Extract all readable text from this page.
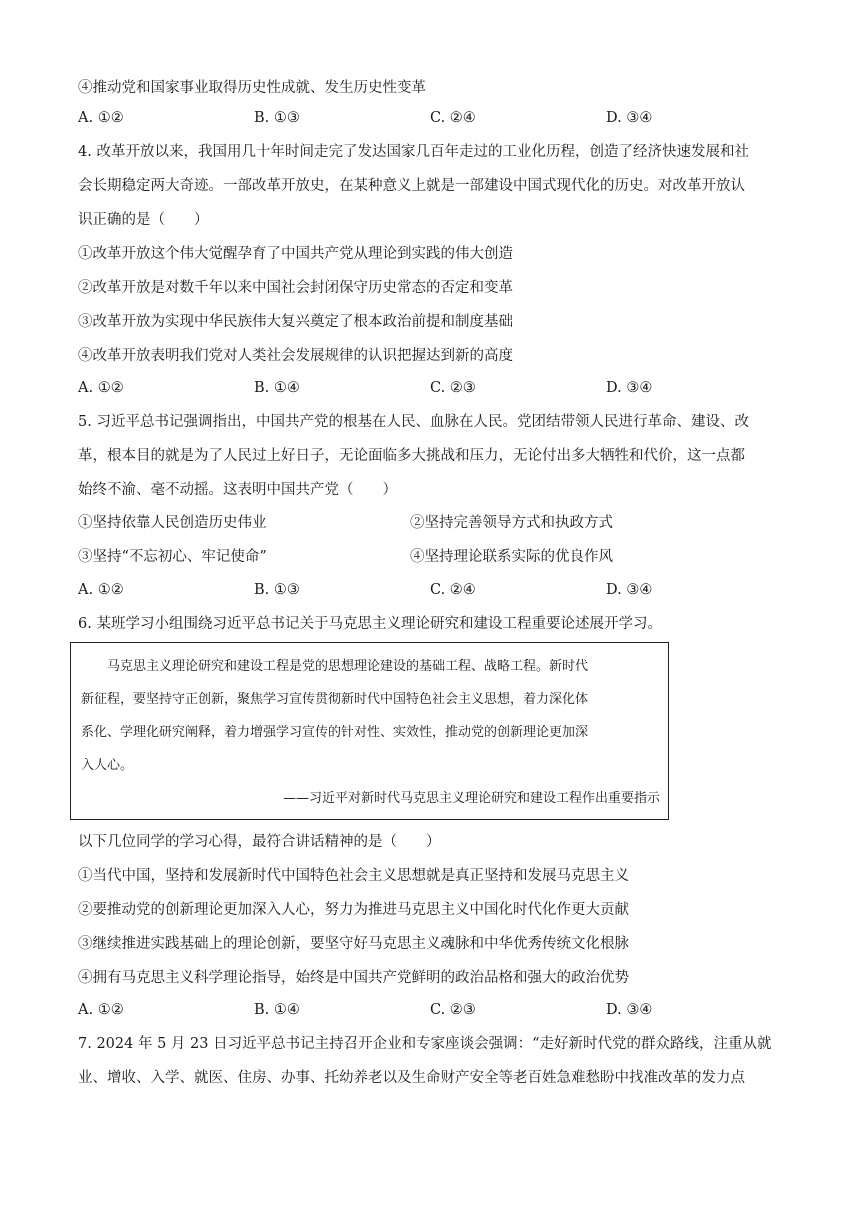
④推动党和国家事业取得历史性成就、发生历史性变革
A. ①②	B. ①③	C. ②④	D. ③④
4. 改革开放以来，我国用几十年时间走完了发达国家几百年走过的工业化历程，创造了经济快速发展和社
会长期稳定两大奇迹。一部改革开放史，在某种意义上就是一部建设中国式现代化的历史。对改革开放认
识正确的是（　　）
①改革开放这个伟大觉醒孕育了中国共产党从理论到实践的伟大创造
②改革开放是对数千年以来中国社会封闭保守历史常态的否定和变革
③改革开放为实现中华民族伟大复兴奠定了根本政治前提和制度基础
④改革开放表明我们党对人类社会发展规律的认识把握达到新的高度
A. ①②	B. ①④	C. ②③	D. ③④
5. 习近平总书记强调指出，中国共产党的根基在人民、血脉在人民。党团结带领人民进行革命、建设、改
革，根本目的就是为了人民过上好日子，无论面临多大挑战和压力，无论付出多大牺牲和代价，这一点都
始终不渝、毫不动摇。这表明中国共产党（　　）
①坚持依靠人民创造历史伟业	②坚持完善领导方式和执政方式
③坚持“不忘初心、牢记使命”	④坚持理论联系实际的优良作风
A. ①②	B. ①③	C. ②④	D. ③④
6. 某班学习小组围绕习近平总书记关于马克思主义理论研究和建设工程重要论述展开学习。
　　马克思主义理论研究和建设工程是党的思想理论建设的基础工程、战略工程。新时代
新征程，要坚持守正创新，聚焦学习宣传贯彻新时代中国特色社会主义思想，着力深化体
系化、学理化研究阐释，着力增强学习宣传的针对性、实效性，推动党的创新理论更加深
入人心。
——习近平对新时代马克思主义理论研究和建设工程作出重要指示
以下几位同学的学习心得，最符合讲话精神的是（　　）
①当代中国，坚持和发展新时代中国特色社会主义思想就是真正坚持和发展马克思主义
②要推动党的创新理论更加深入人心，努力为推进马克思主义中国化时代化作更大贡献
③继续推进实践基础上的理论创新，要坚守好马克思主义魂脉和中华优秀传统文化根脉
④拥有马克思主义科学理论指导，始终是中国共产党鲜明的政治品格和强大的政治优势
A. ①②	B. ①④	C. ②③	D. ③④
7. 2024 年 5 月 23 日习近平总书记主持召开企业和专家座谈会强调：“走好新时代党的群众路线，注重从就
业、增收、入学、就医、住房、办事、托幼养老以及生命财产安全等老百姓急难愁盼中找准改革的发力点
